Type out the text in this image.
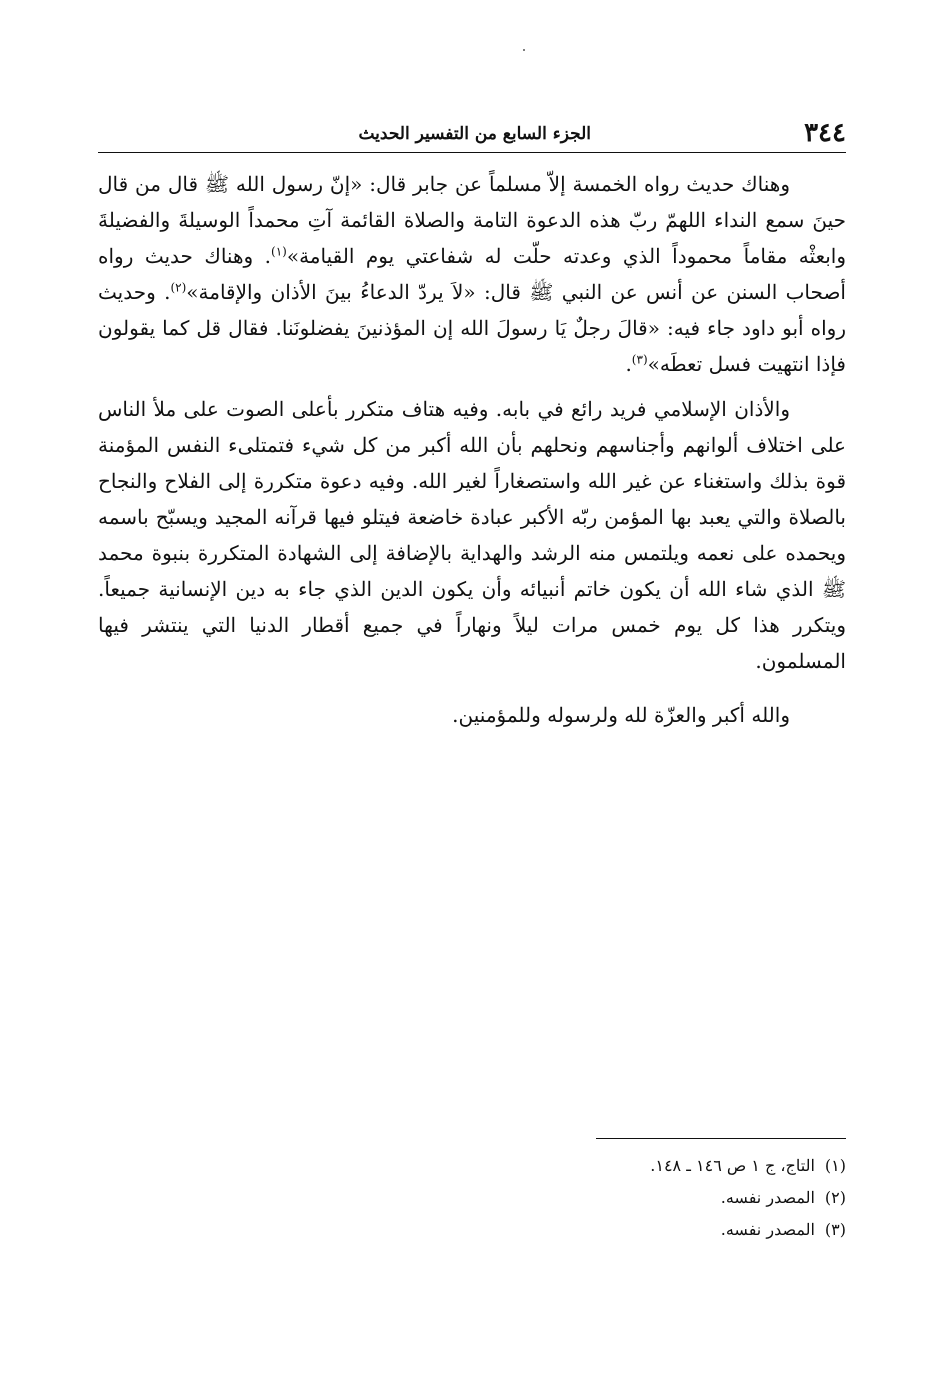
٣٤٤
الجزء السابع من التفسير الحديث

وهناك حديث رواه الخمسة إلاّ مسلماً عن جابر قال: «إنّ رسول الله ﷺ قال من قال حينَ سمع النداء اللهمّ ربّ هذه الدعوة التامة والصلاة القائمة آتِ محمداً الوسيلةَ والفضيلةَ وابعثْه مقاماً محموداً الذي وعدته حلّت له شفاعتي يوم القيامة»$^{(١)}$. وهناك حديث رواه أصحاب السنن عن أنس عن النبي ﷺ قال: «لاَ يردّ الدعاءُ بينَ الأذان والإقامة»$^{(٢)}$. وحديث رواه أبو داود جاء فيه: «قالَ رجلٌ يَا رسولَ الله إن المؤذنينَ يفضلونَنا. فقال قل كما يقولون فإذا انتهيت فسل تعطَه»$^{(٣)}$.

والأذان الإسلامي فريد رائع في بابه. وفيه هتاف متكرر بأعلى الصوت على ملأ الناس على اختلاف ألوانهم وأجناسهم ونحلهم بأن الله أكبر من كل شيء فتمتلىء النفس المؤمنة قوة بذلك واستغناء عن غير الله واستصغاراً لغير الله. وفيه دعوة متكررة إلى الفلاح والنجاح بالصلاة والتي يعبد بها المؤمن ربّه الأكبر عبادة خاضعة فيتلو فيها قرآنه المجيد ويسبّح باسمه ويحمده على نعمه ويلتمس منه الرشد والهداية بالإضافة إلى الشهادة المتكررة بنبوة محمد ﷺ الذي شاء الله أن يكون خاتم أنبيائه وأن يكون الدين الذي جاء به دين الإنسانية جميعاً. ويتكرر هذا كل يوم خمس مرات ليلاً ونهاراً في جميع أقطار الدنيا التي ينتشر فيها المسلمون.

والله أكبر والعزّة لله ولرسوله وللمؤمنين.

(١)التاج، ج ١ ص ١٤٦ ـ ١٤٨.
(٢)المصدر نفسه.
(٣)المصدر نفسه.
